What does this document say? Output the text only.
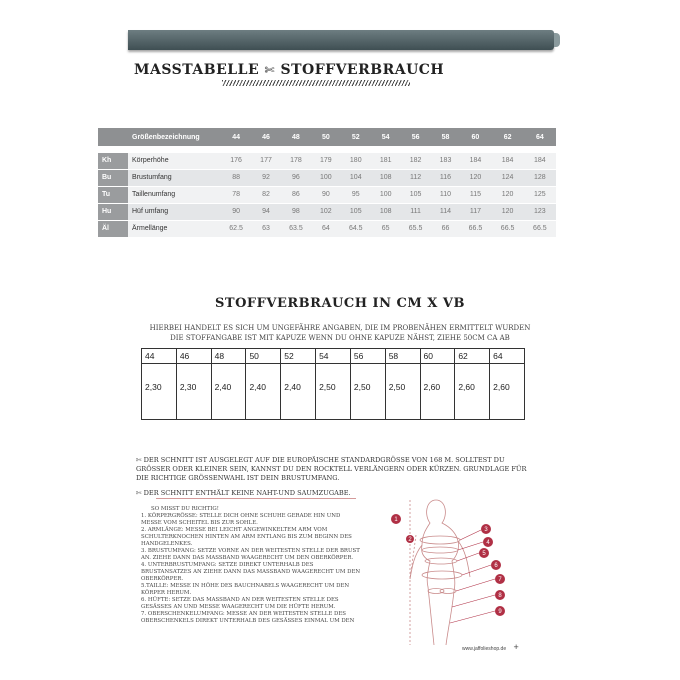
MASSTABELLE ✄ STOFFVERBRAUCH
	Größenbezeichnung	44	46	48	50	52	54	56	58	60	62	64

Kh	Körperhöhe	176	177	178	179	180	181	182	183	184	184	184
Bu	Brustumfang	88	92	96	100	104	108	112	116	120	124	128
Tu	Taillenumfang	78	82	86	90	95	100	105	110	115	120	125
Hu	Hüf umfang	90	94	98	102	105	108	111	114	117	120	123
Äl	Ärmellänge	62.5	63	63.5	64	64.5	65	65.5	66	66.5	66.5	66.5
STOFFVERBRAUCH IN CM X VB
HIERBEI HANDELT ES SICH UM UNGEFÄHRE ANGABEN, DIE IM PROBENÄHEN ERMITTELT WURDEN DIE STOFFANGABE IST MIT KAPUZE WENN DU OHNE KAPUZE NÄHST, ZIEHE 50CM CA AB
44	46	48	50	52	54	56	58	60	62	64
2,30	2,30	2,40	2,40	2,40	2,50	2,50	2,50	2,60	2,60	2,60
✄ DER SCHNITT IST AUSGELEGT AUF DIE EUROPÄISCHE STANDARDGRÖSSE VON 168 M. SOLLTEST DU GRÖSSER ODER KLEINER SEIN, KANNST DU DEN ROCKTELL VERLÄNGERN ODER KÜRZEN. GRUNDLAGE FÜR DIE RICHTIGE GRÖSSENWAHL IST DEIN BRUSTUMFANG.
✄ DER SCHNITT ENTHÄLT KEINE NAHT-UND SAUMZUGABE.

SO MISST DU RICHTIG!

1. KÖRPERGRÖSSE: STELLE DICH OHNE SCHUHE GERADE HIN UND MESSE VOM SCHEITEL BIS ZUR SOHLE.

2. ARMLÄNGE: MESSE BEI LEICHT ANGEWINKELTEM ARM VOM SCHULTERKNOCHEN HINTEN AM ARM ENTLANG BIS ZUM BEGINN DES HANDGELENKES.

3. BRUSTUMFANG: SETZE VORNE AN DER WEITESTEN STELLE DER BRUST AN. ZIEHE DANN DAS MASSBAND WAAGERECHT UM DEN OBERKÖRPER.

4. UNTERBRUSTUMFANG: SETZE DIREKT UNTERHALB DES BRUSTANSATZES AN ZIEHE DANN DAS MASSBAND WAAGERECHT UM DEN OBERKÖRPER.

5.TAILLE: MESSE IN HÖHE DES BAUCHNABELS WAAGERECHT UM DEN KÖRPER HERUM.

6. HÜFTE: SETZE DAS MASSBAND AN DER WEITESTEN STELLE DES GESÄSSES AN UND MESSE WAAGERECHT UM DIE HÜFTE HERUM.

7. OBERSCHENKELUMFANG: MESSE AN DER WEITESTEN STELLE DES OBERSCHENKELS DIREKT UNTERHALB DES GESÄSSES EINMAL UM DEN

1
2
3
4
5
6
7
8
9
www.jaffolieshop.de +
